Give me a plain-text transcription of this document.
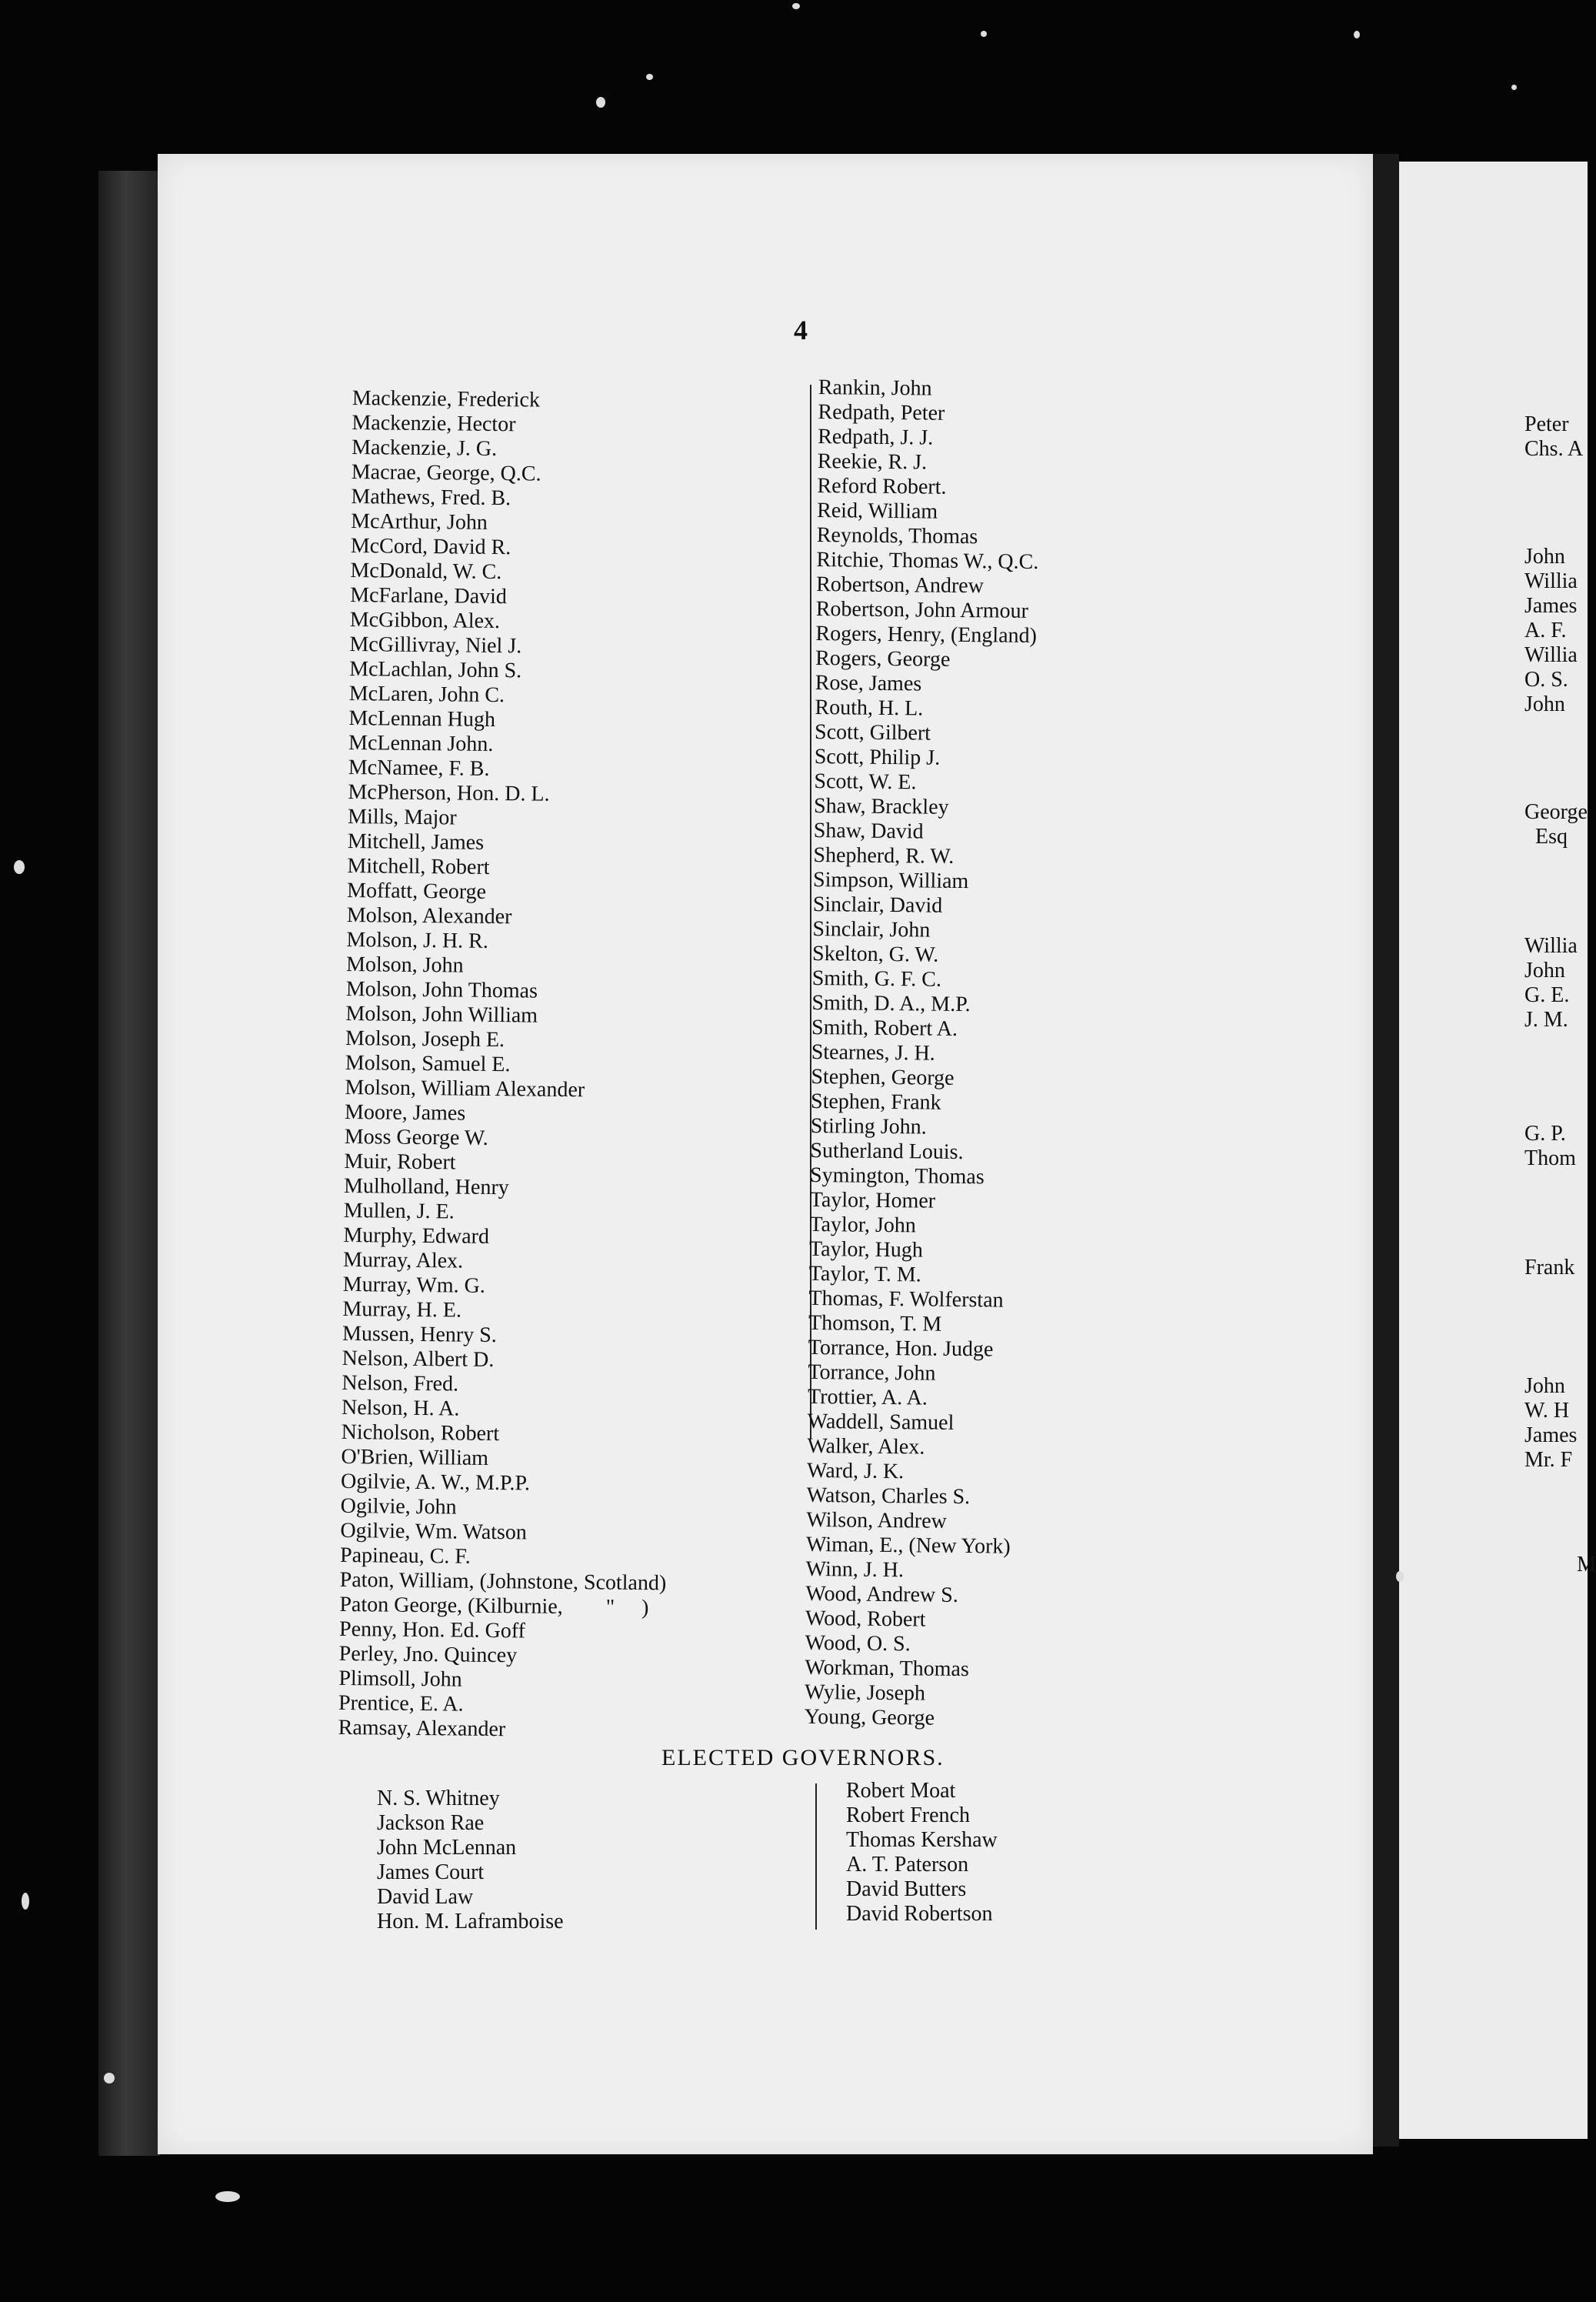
4
Mackenzie, Frederick
Mackenzie, Hector
Mackenzie, J. G.
Macrae, George, Q.C.
Mathews, Fred. B.
McArthur, John
McCord, David R.
McDonald, W. C.
McFarlane, David
McGibbon, Alex.
McGillivray, Niel J.
McLachlan, John S.
McLaren, John C.
McLennan Hugh
McLennan John.
McNamee, F. B.
McPherson, Hon. D. L.
Mills, Major
Mitchell, James
Mitchell, Robert
Moffatt, George
Molson, Alexander
Molson, J. H. R.
Molson, John
Molson, John Thomas
Molson, John William
Molson, Joseph E.
Molson, Samuel E.
Molson, William Alexander
Moore, James
Moss George W.
Muir, Robert
Mulholland, Henry
Mullen, J. E.
Murphy, Edward
Murray, Alex.
Murray, Wm. G.
Murray, H. E.
Mussen, Henry S.
Nelson, Albert D.
Nelson, Fred.
Nelson, H. A.
Nicholson, Robert
O'Brien, William
Ogilvie, A. W., M.P.P.
Ogilvie, John
Ogilvie, Wm. Watson
Papineau, C. F.
Paton, William, (Johnstone, Scotland)
Paton George, (Kilburnie,        "     )
Penny, Hon. Ed. Goff
Perley, Jno. Quincey
Plimsoll, John
Prentice, E. A.
Ramsay, Alexander
Rankin, John
Redpath, Peter
Redpath, J. J.
Reekie, R. J.
Reford Robert.
Reid, William
Reynolds, Thomas
Ritchie, Thomas W., Q.C.
Robertson, Andrew
Robertson, John Armour
Rogers, Henry, (England)
Rogers, George
Rose, James
Routh, H. L.
Scott, Gilbert
Scott, Philip J.
Scott, W. E.
Shaw, Brackley
Shaw, David
Shepherd, R. W.
Simpson, William
Sinclair, David
Sinclair, John
Skelton, G. W.
Smith, G. F. C.
Smith, D. A., M.P.
Smith, Robert A.
Stearnes, J. H.
Stephen, George
Stephen, Frank
Stirling John.
Sutherland Louis.
Symington, Thomas
Taylor, Homer
Taylor, John
Taylor, Hugh
Taylor, T. M.
Thomas, F. Wolferstan
Thomson, T. M
Torrance, Hon. Judge
Torrance, John
Trottier, A. A.
Waddell, Samuel
Walker, Alex.
Ward, J. K.
Watson, Charles S.
Wilson, Andrew
Wiman, E., (New York)
Winn, J. H.
Wood, Andrew S.
Wood, Robert
Wood, O. S.
Workman, Thomas
Wylie, Joseph
Young, George
ELECTED GOVERNORS.
N. S. Whitney
Jackson Rae
John McLennan
James Court
David Law
Hon. M. Laframboise
Robert Moat
Robert French
Thomas Kershaw
A. T. Paterson
David Butters
David Robertson
Peter
Chs. A
John
Willia
James
A. F.
Willia
O. S.
John
George
Esq
Willia
John
G. E.
J. M.
G. P.
Thom
Frank
John
W. H
James
Mr. F
M
